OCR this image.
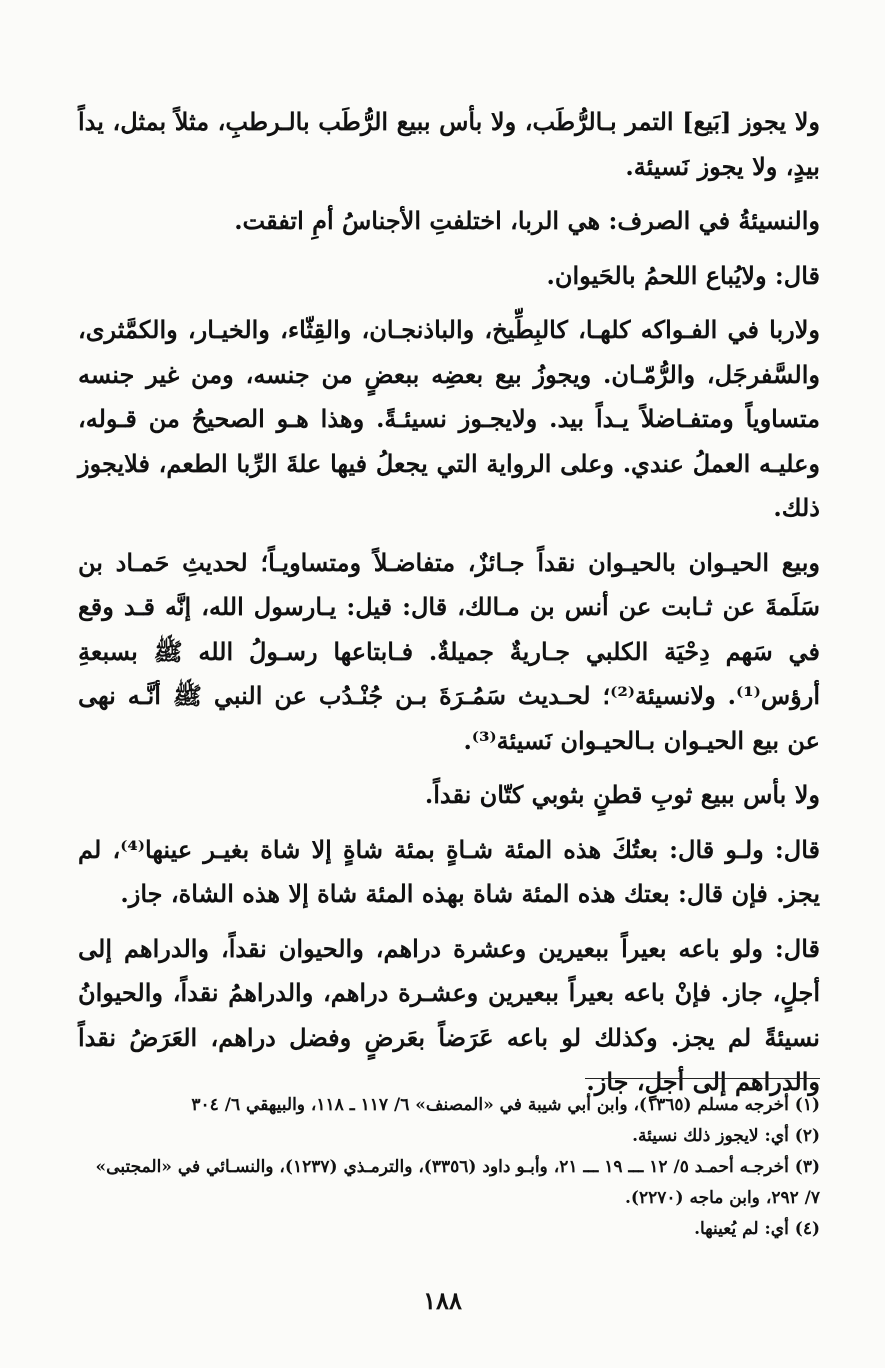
ولا يجوز [بَيع] التمر بـالرُّطَب، ولا بأس ببيع الرُّطَب بالـرطبِ، مثلاً بمثل، يداً بيدٍ، ولا يجوز نَسيئة.

والنسيئةُ في الصرف: هي الربا، اختلفتِ الأجناسُ أمِ اتفقت.

قال: ولايُباع اللحمُ بالحَيوان.

ولاربا في الفـواكه كلهـا، كالبِطِّيخ، والباذنجـان، والقِثّاء، والخيـار، والكمَّثرى، والسَّفرجَل، والرُّمّـان. ويجوزُ بيع بعضِه ببعضٍ من جنسه، ومن غير جنسه متساوياً ومتفـاضلاً يـداً بيد. ولايجـوز نسيئـةً. وهذا هـو الصحيحُ من قـوله، وعليـه العملُ عندي. وعلى الرواية التي يجعلُ فيها علةَ الرِّبا الطعم، فلايجوز ذلك.

وبيع الحيـوان بالحيـوان نقداً جـائزٌ، متفاضـلاً ومتساويـاً؛ لحديثِ حَمـاد بن سَلَمةَ عن ثـابت عن أنس بن مـالك، قال: قيل: يـارسول الله، إنَّه قـد وقع في سَهم دِحْيَة الكلبي جـاريةٌ جميلةٌ. فـابتاعها رسـولُ الله ﷺ بسبعةِ أرؤس⁽¹⁾. ولانسيئة⁽²⁾؛ لحـديث سَمُـرَةَ بـن جُنْـدُب عن النبي ﷺ أنَّـه نهى عن بيع الحيـوان بـالحيـوان نَسيئة⁽³⁾.

ولا بأس ببيع ثوبِ قطنٍ بثوبي كتّان نقداً.

قال: ولـو قال: بعتُكَ هذه المئة شـاةٍ بمئة شاةٍ إلا شاة بغيـر عينها⁽⁴⁾، لم يجز. فإن قال: بعتك هذه المئة شاة بهذه المئة شاة إلا هذه الشاة، جاز.

قال: ولو باعه بعيراً ببعيرين وعشرة دراهم، والحيوان نقداً، والدراهم إلى أجلٍ، جاز. فإنْ باعه بعيراً ببعيرين وعشـرة دراهم، والدراهمُ نقداً، والحيوانُ نسيئةً لم يجز. وكذلك لو باعه عَرَضاً بعَرضٍ وفضل دراهم، العَرَضُ نقداً والدراهم إلى أجلٍ، جاز.

(١) أخرجه مسلم (١٣٦٥)، وابن أبي شيبة في «المصنف» ٦/ ١١٧ ـ ١١٨، والبيهقي ٦/ ٣٠٤

(٢) أي: لايجوز ذلك نسيئة.

(٣) أخرجـه أحمـد ٥/ ١٢ ـــ ١٩ ـــ ٢١، وأبـو داود (٣٣٥٦)، والترمـذي (١٢٣٧)، والنسـائي في «المجتبى» ٧/ ٢٩٢، وابن ماجه (٢٢٧٠).

(٤) أي: لم يُعينها.

١٨٨
